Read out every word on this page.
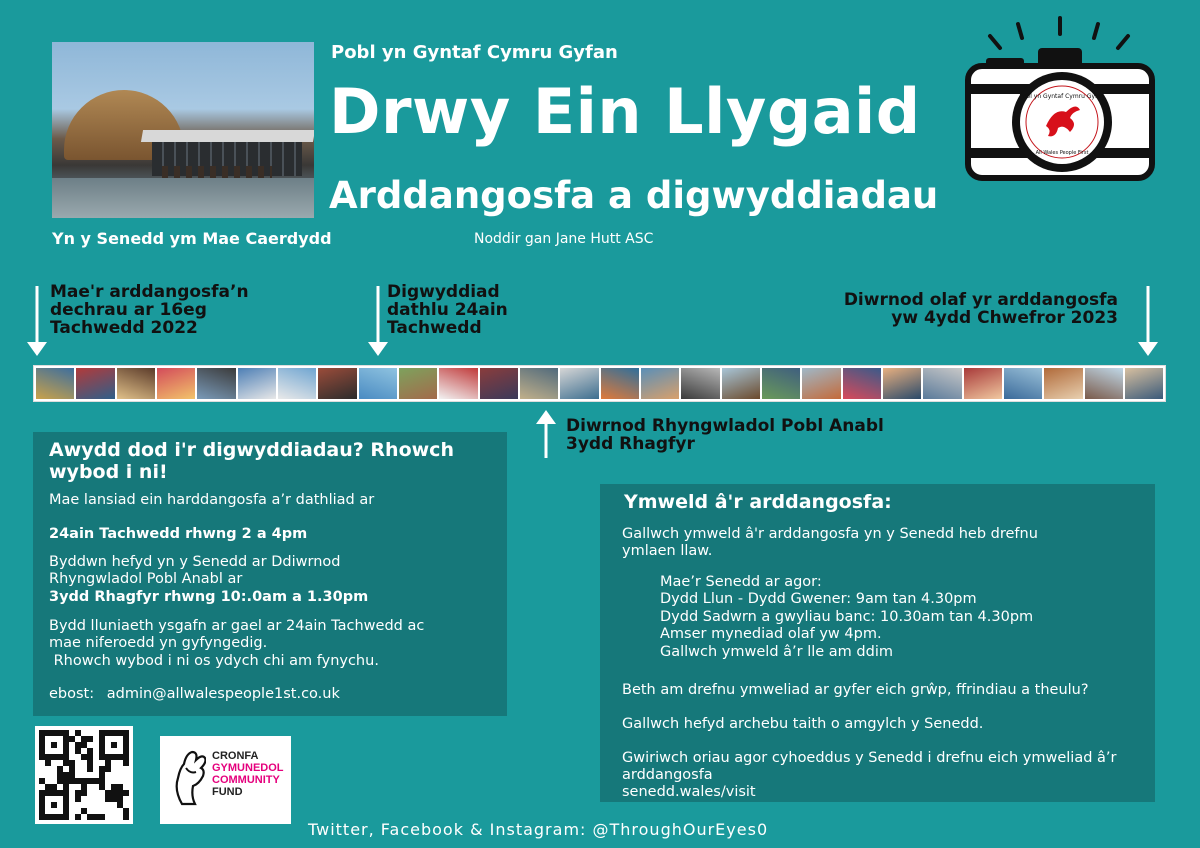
Pobl yn Gyntaf Cymru Gyfan
Drwy Ein Llygaid
Arddangosfa a digwyddiadau
Yn y Senedd ym Mae Caerdydd	Noddir gan Jane Hutt ASC
Pobl yn Gyntaf Cymru Gyfan
All Wales People First
Mae'r arddangosfa’n
dechrau ar 16eg
Tachwedd 2022
Digwyddiad
dathlu 24ain
Tachwedd
Diwrnod olaf yr arddangosfa
yw 4ydd Chwefror 2023
Diwrnod Rhyngwladol Pobl Anabl
3ydd Rhagfyr
Awydd dod i'r digwyddiadau? Rhowch wybod i ni!
Mae lansiad ein harddangosfa a’r dathliad ar
24ain Tachwedd rhwng 2 a 4pm
Byddwn hefyd yn y Senedd ar Ddiwrnod
Rhyngwladol Pobl Anabl ar
3ydd Rhagfyr rhwng 10:.0am a 1.30pm
Bydd lluniaeth ysgafn ar gael ar 24ain Tachwedd ac
mae niferoedd yn gyfyngedig.
Rhowch wybod i ni os ydych chi am fynychu.
ebost: admin@allwalespeople1st.co.uk
Ymweld â'r arddangosfa:
Gallwch ymweld â'r arddangosfa yn y Senedd heb drefnu ymlaen llaw.
Mae’r Senedd ar agor:
Dydd Llun - Dydd Gwener: 9am tan 4.30pm
Dydd Sadwrn a gwyliau banc: 10.30am tan 4.30pm
Amser mynediad olaf yw 4pm.
Gallwch ymweld â’r lle am ddim
Beth am drefnu ymweliad ar gyfer eich grŵp, ffrindiau a theulu?
Gallwch hefyd archebu taith o amgylch y Senedd.
Gwiriwch oriau agor cyhoeddus y Senedd i drefnu eich ymweliad â’r arddangosfa
senedd.wales/visit
CRONFA
GYMUNEDOL
COMMUNITY
FUND
Twitter, Facebook & Instagram: @ThroughOurEyes0
